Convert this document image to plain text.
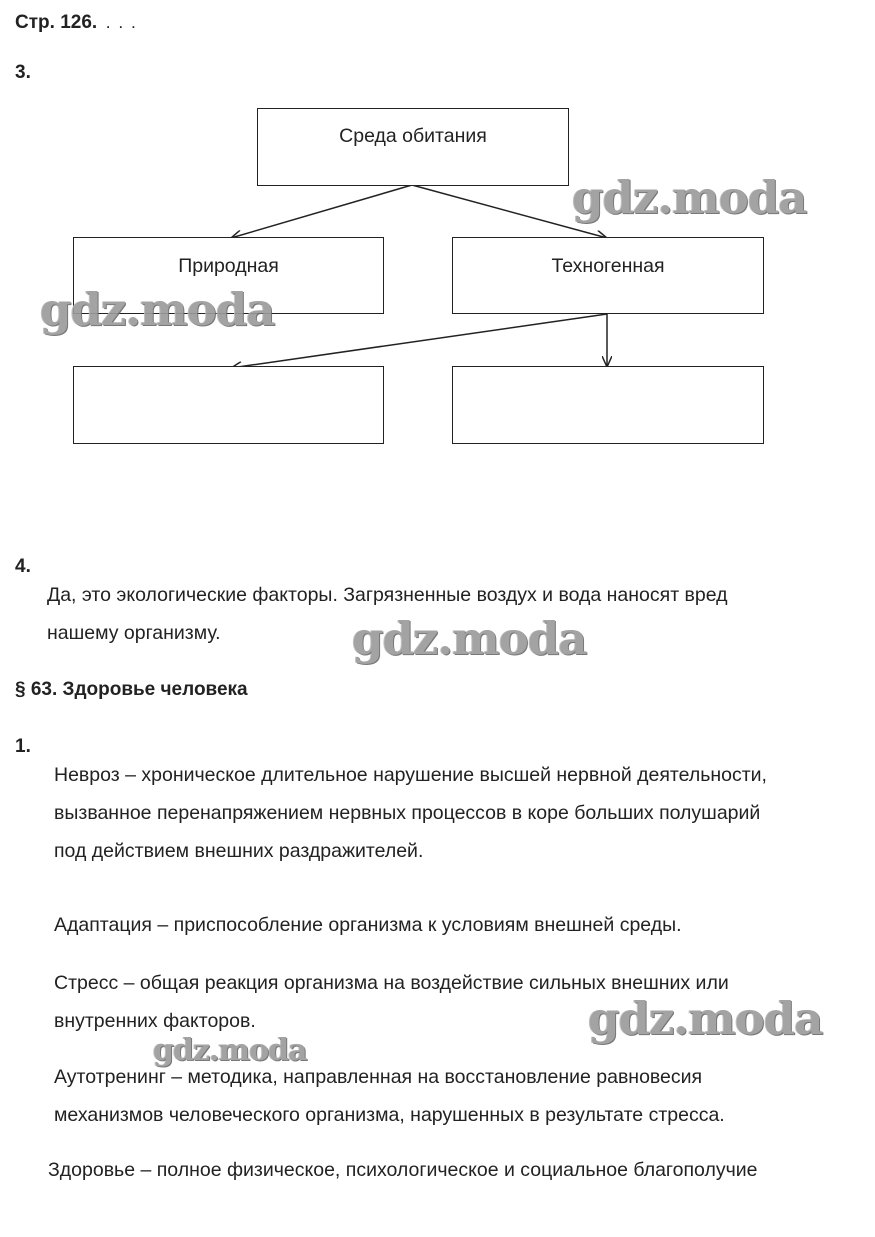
Стр. 126. . . .
3.
Среда обитания
Природная	Техногенная
4.
Да, это экологические факторы. Загрязненные воздух и вода наносят вред
нашему организму.
§ 63. Здоровье человека
1.
Невроз – хроническое длительное нарушение высшей нервной деятельности,
вызванное перенапряжением нервных процессов в коре больших полушарий
под действием внешних раздражителей.
Адаптация – приспособление организма к условиям внешней среды.
Стресс – общая реакция организма на воздействие сильных внешних или
внутренних факторов.
Аутотренинг – методика, направленная на восстановление равновесия
механизмов человеческого организма, нарушенных в результате стресса.
Здоровье – полное физическое, психологическое и социальное благополучие
gdz.moda
gdz.moda
gdz.moda
gdz.moda
gdz.moda
